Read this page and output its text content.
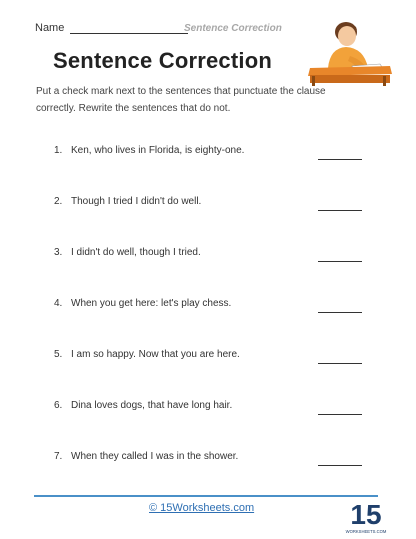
Name	Sentence Correction
Sentence Correction
Put a check mark next to the sentences that punctuate the clause correctly. Rewrite the sentences that do not.
1. Ken, who lives in Florida, is eighty-one.
2. Though I tried I didn't do well.
3. I didn't do well, though I tried.
4. When you get here: let's play chess.
5. I am so happy. Now that you are here.
6. Dina loves dogs, that have long hair.
7. When they called I was in the shower.
© 15Worksheets.com	15
WORKSHEETS.COM
